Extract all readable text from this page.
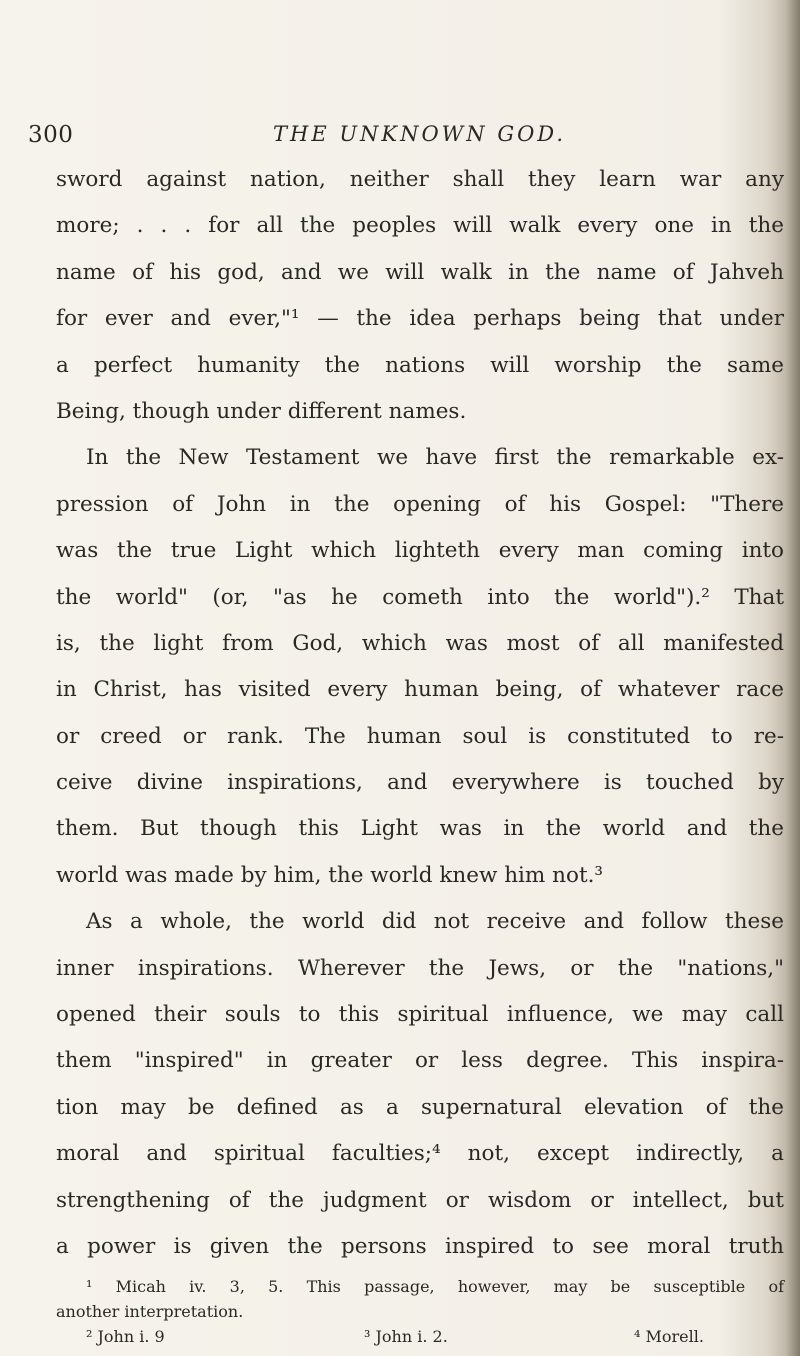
300	THE UNKNOWN GOD.
sword against nation, neither shall they learn war any
more; . . . for all the peoples will walk every one in the
name of his god, and we will walk in the name of Jahveh
for ever and ever,"¹ — the idea perhaps being that under
a perfect humanity the nations will worship the same
Being, though under different names.
In the New Testament we have first the remarkable ex-
pression of John in the opening of his Gospel: "There
was the true Light which lighteth every man coming into
the world" (or, "as he cometh into the world").² That
is, the light from God, which was most of all manifested
in Christ, has visited every human being, of whatever race
or creed or rank. The human soul is constituted to re-
ceive divine inspirations, and everywhere is touched by
them. But though this Light was in the world and the
world was made by him, the world knew him not.³
As a whole, the world did not receive and follow these
inner inspirations. Wherever the Jews, or the "nations,"
opened their souls to this spiritual influence, we may call
them "inspired" in greater or less degree. This inspira-
tion may be defined as a supernatural elevation of the
moral and spiritual faculties;⁴ not, except indirectly, a
strengthening of the judgment or wisdom or intellect, but
a power is given the persons inspired to see moral truth
¹ Micah iv. 3, 5. This passage, however, may be susceptible of
another interpretation.
² John i. 9	³ John i. 2.	⁴ Morell.
